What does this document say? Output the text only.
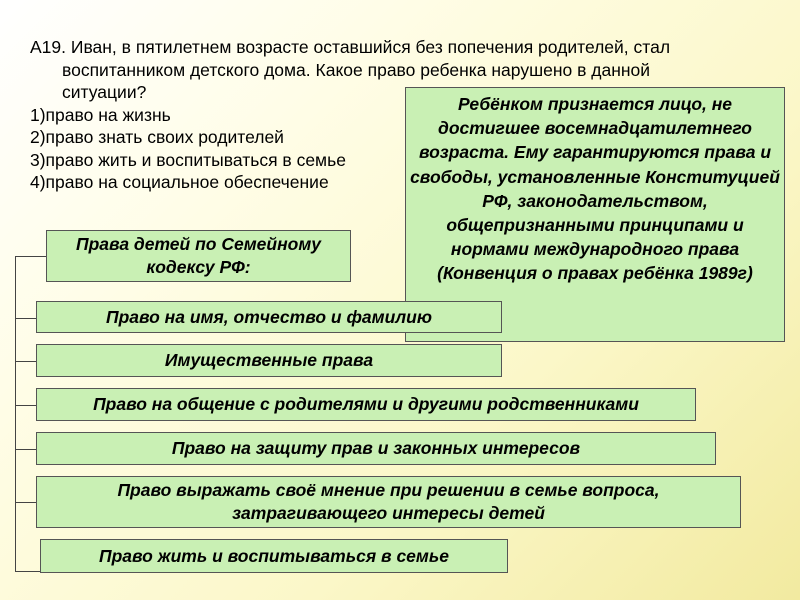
А19. Иван, в пятилетнем возрасте оставшийся без попечения родителей, стал воспитанником детского дома. Какое право ребенка нарушено в данной ситуации?
1)право на жизнь
2)право знать своих родителей
3)право жить и воспитываться в семье
4)право на социальное обеспечение
Ребёнком признается лицо, не достигшее восемнадцатилетнего возраста. Ему гарантируются права и свободы, установленные Конституцией РФ, законодательством, общепризнанными принципами и нормами международного права (Конвенция о правах ребёнка 1989г)
Права детей по Семейному кодексу РФ:
Право на имя, отчество и фамилию
Имущественные права
Право на общение с родителями и другими родственниками
Право на защиту прав и законных интересов
Право выражать своё мнение при решении в семье вопроса, затрагивающего интересы детей
Право жить и воспитываться в семье
